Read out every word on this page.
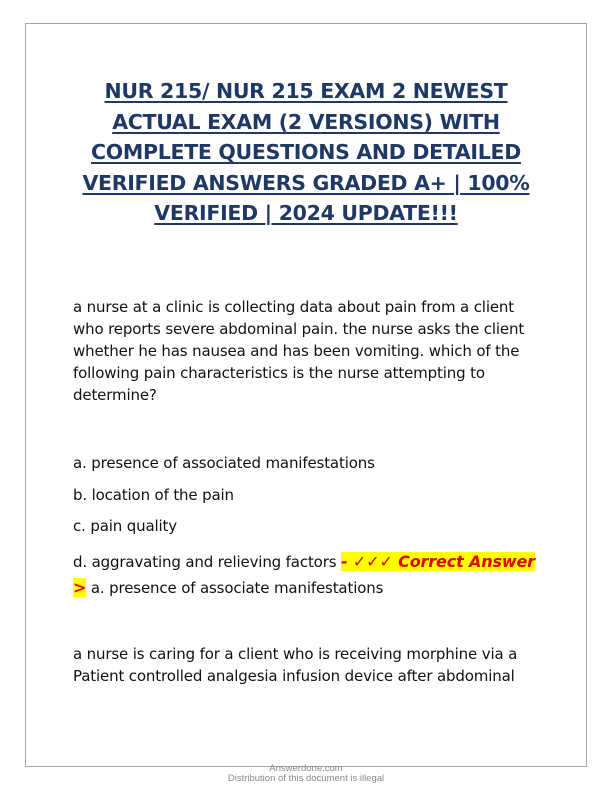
NUR 215/ NUR 215 EXAM 2 NEWEST ACTUAL EXAM (2 VERSIONS) WITH COMPLETE QUESTIONS AND DETAILED VERIFIED ANSWERS GRADED A+ | 100% VERIFIED | 2024 UPDATE!!!
a nurse at a clinic is collecting data about pain from a client who reports severe abdominal pain. the nurse asks the client whether he has nausea and has been vomiting. which of the following pain characteristics is the nurse attempting to determine?
a. presence of associated manifestations
b. location of the pain
c. pain quality
d. aggravating and relieving factors - ✓✓✓ Correct Answer > a. presence of associate manifestations
a nurse is caring for a client who is receiving morphine via a Patient controlled analgesia infusion device after abdominal
Answerdone.com
Distribution of this document is illegal
